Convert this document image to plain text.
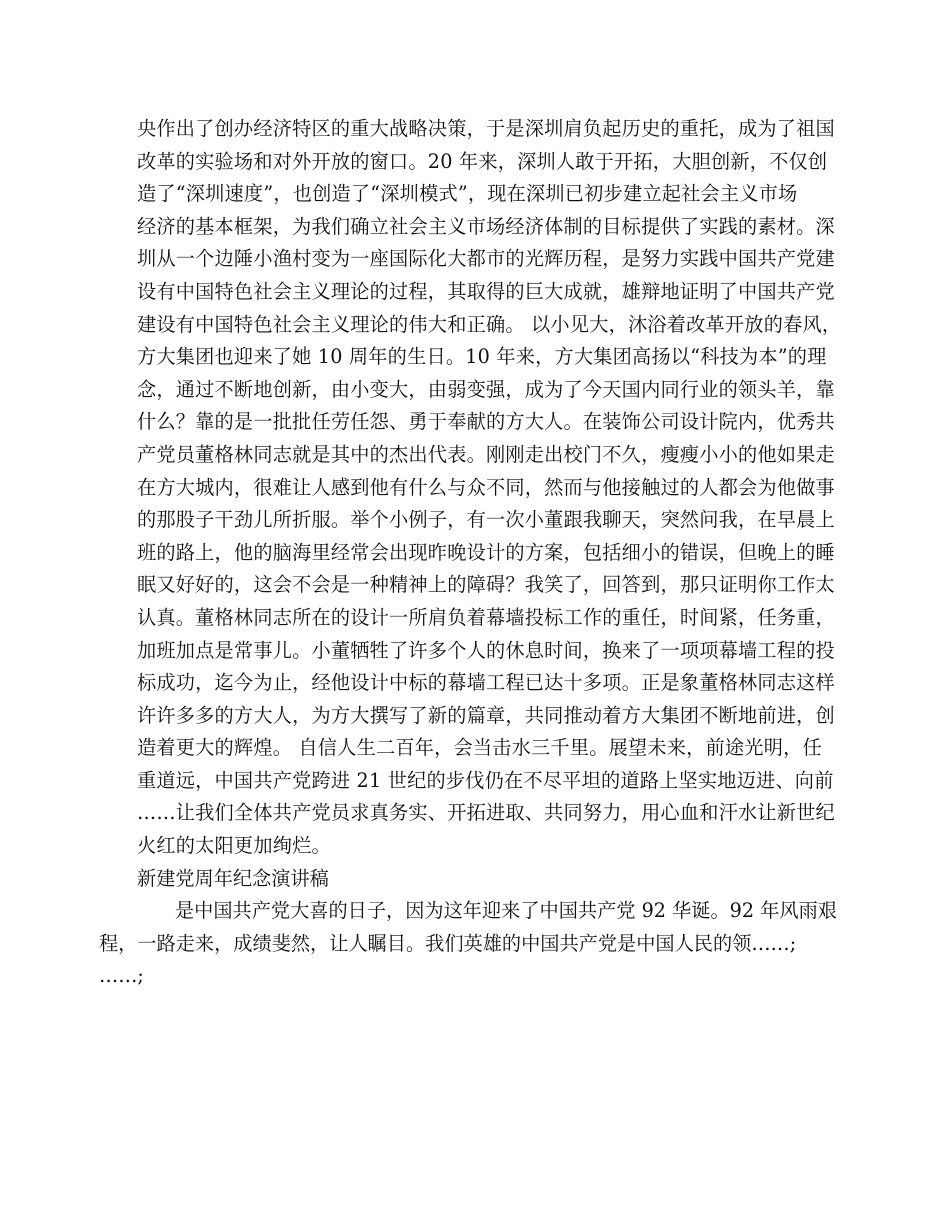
央作出了创办经济特区的重大战略决策，于是深圳肩负起历史的重托，成为了祖国
改革的实验场和对外开放的窗口。20 年来，深圳人敢于开拓，大胆创新，不仅创
造了“深圳速度”，也创造了“深圳模式”，现在深圳已初步建立起社会主义市场
经济的基本框架，为我们确立社会主义市场经济体制的目标提供了实践的素材。深
圳从一个边陲小渔村变为一座国际化大都市的光辉历程，是努力实践中国共产党建
设有中国特色社会主义理论的过程，其取得的巨大成就，雄辩地证明了中国共产党
建设有中国特色社会主义理论的伟大和正确。 以小见大，沐浴着改革开放的春风，
方大集团也迎来了她 10 周年的生日。10 年来，方大集团高扬以“科技为本”的理
念，通过不断地创新，由小变大，由弱变强，成为了今天国内同行业的领头羊，靠
什么？靠的是一批批任劳任怨、勇于奉献的方大人。在装饰公司设计院内，优秀共
产党员董格林同志就是其中的杰出代表。刚刚走出校门不久，瘦瘦小小的他如果走
在方大城内，很难让人感到他有什么与众不同，然而与他接触过的人都会为他做事
的那股子干劲儿所折服。举个小例子，有一次小董跟我聊天，突然问我，在早晨上
班的路上，他的脑海里经常会出现昨晚设计的方案，包括细小的错误，但晚上的睡
眠又好好的，这会不会是一种精神上的障碍？我笑了，回答到，那只证明你工作太
认真。董格林同志所在的设计一所肩负着幕墙投标工作的重任，时间紧，任务重，
加班加点是常事儿。小董牺牲了许多个人的休息时间，换来了一项项幕墙工程的投
标成功，迄今为止，经他设计中标的幕墙工程已达十多项。正是象董格林同志这样
许许多多的方大人，为方大撰写了新的篇章，共同推动着方大集团不断地前进，创
造着更大的辉煌。 自信人生二百年，会当击水三千里。展望未来，前途光明，任
重道远，中国共产党跨进 21 世纪的步伐仍在不尽平坦的道路上坚实地迈进、向前
……让我们全体共产党员求真务实、开拓进取、共同努力，用心血和汗水让新世纪
火红的太阳更加绚烂。
新建党周年纪念演讲稿
是中国共产党大喜的日子，因为这年迎来了中国共产党 92 华诞。92 年风雨艰
程，一路走来，成绩斐然，让人瞩目。我们英雄的中国共产党是中国人民的领……;
……;
